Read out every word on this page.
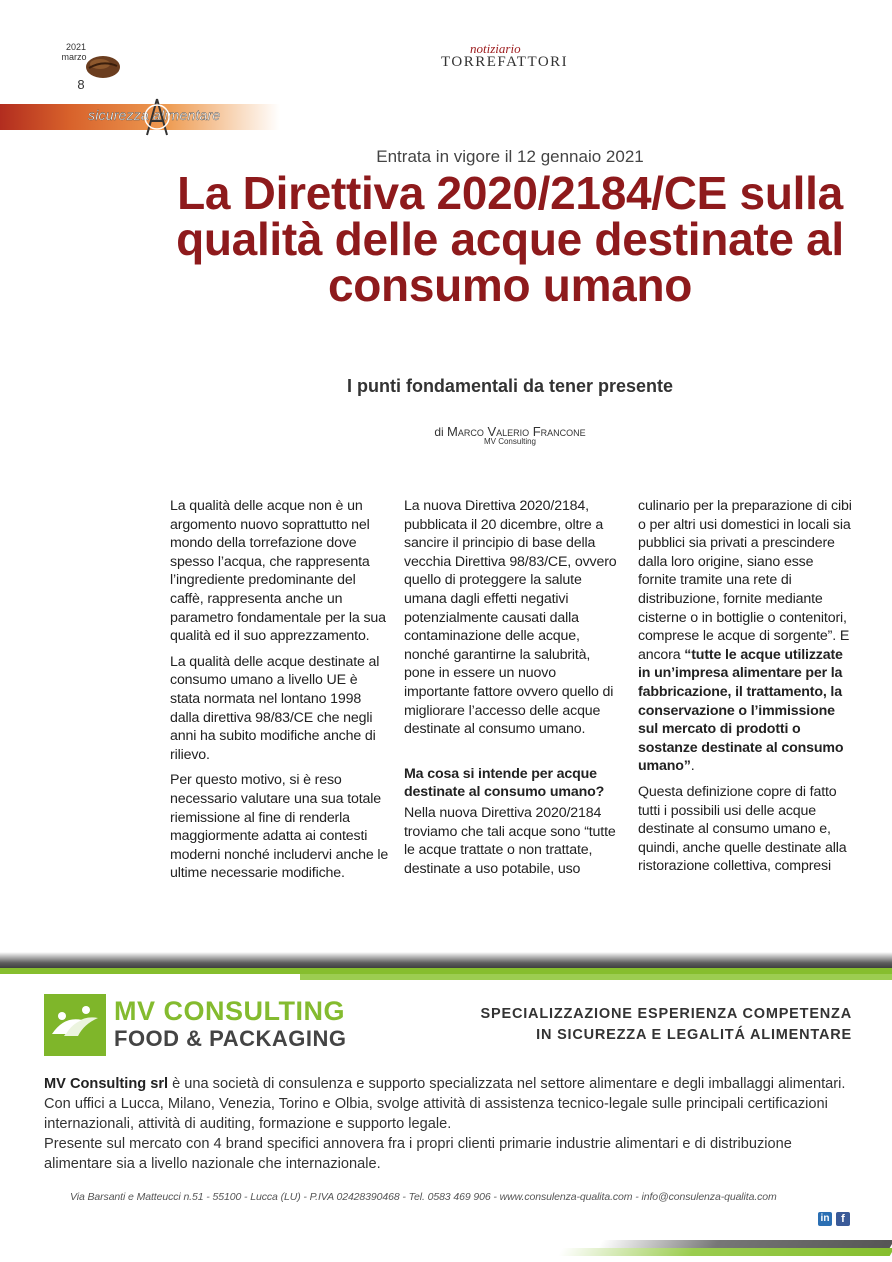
2021
marzo
8
notiziario
TORREFATTORI
sicurezza alimentare
Entrata in vigore il 12 gennaio 2021
La Direttiva 2020/2184/CE sulla qualità delle acque destinate al consumo umano
I punti fondamentali da tener presente
di Marco Valerio Francone
MV Consulting

La qualità delle acque non è un argomento nuovo soprattutto nel mondo della torrefazione dove spesso l’acqua, che rappresenta l’ingrediente predominante del caffè, rappresenta anche un parametro fondamentale per la sua qualità ed il suo apprezzamento.

La qualità delle acque destinate al consumo umano a livello UE è stata normata nel lontano 1998 dalla direttiva 98/83/CE che negli anni ha subito modifiche anche di rilievo.

Per questo motivo, si è reso necessario valutare una sua totale riemissione al fine di renderla maggiormente adatta ai contesti moderni nonché includervi anche le ultime necessarie modifiche.

La nuova Direttiva 2020/2184, pubblicata il 20 dicembre, oltre a sancire il principio di base della vecchia Direttiva 98/83/CE, ovvero quello di proteggere la salute umana dagli effetti negativi potenzialmente causati dalla contaminazione delle acque, nonché garantirne la salubrità, pone in essere un nuovo importante fattore ovvero quello di migliorare l’accesso delle acque destinate al consumo umano.

Ma cosa si intende per acque destinate al consumo umano?

Nella nuova Direttiva 2020/2184 troviamo che tali acque sono “tutte le acque trattate o non trattate, destinate a uso potabile, uso

culinario per la preparazione di cibi o per altri usi domestici in locali sia pubblici sia privati a prescindere dalla loro origine, siano esse fornite tramite una rete di distribuzione, fornite mediante cisterne o in bottiglie o contenitori, comprese le acque di sorgente”. E ancora “tutte le acque utilizzate in un’impresa alimentare per la fabbricazione, il trattamento, la conservazione o l’immissione sul mercato di prodotti o sostanze destinate al consumo umano”.

Questa definizione copre di fatto tutti i possibili usi delle acque destinate al consumo umano e, quindi, anche quelle destinate alla ristorazione collettiva, compresi

MV CONSULTING
FOOD & PACKAGING
SPECIALIZZAZIONE ESPERIENZA COMPETENZA
IN SICUREZZA E LEGALITÁ ALIMENTARE

MV Consulting srl è una società di consulenza e supporto specializzata nel settore alimentare e degli imballaggi alimentari. Con uffici a Lucca, Milano, Venezia, Torino e Olbia, svolge attività di assistenza tecnico-legale sulle principali certificazioni internazionali, attività di auditing, formazione e supporto legale.

Presente sul mercato con 4 brand specifici annovera fra i propri clienti primarie industrie alimentari e di distribuzione alimentare sia a livello nazionale che internazionale.

Via Barsanti e Matteucci n.51 - 55100 - Lucca (LU) - P.IVA 02428390468 - Tel. 0583 469 906 - www.consulenza-qualita.com - info@consulenza-qualita.com
in	f
